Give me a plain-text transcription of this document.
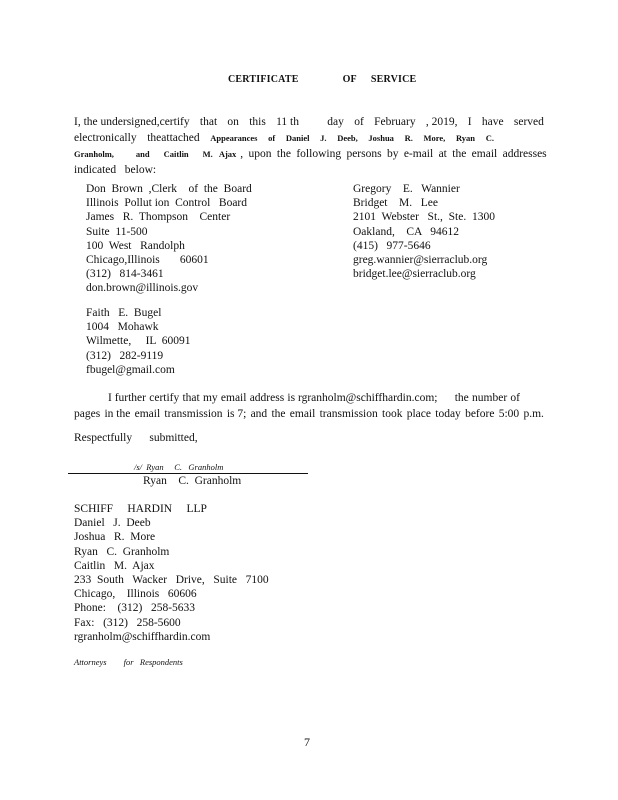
CERTIFICATE	OF SERVICE
I, the undersigned,certify that on this 11 th day of February , 2019, I have served
electronically theattached Appearances of Daniel J. Deeb, Joshua R. More, Ryan C.
Granholm,	and Caitlin M. Ajax , upon the following persons by e-mail at the email addresses
indicated   below:
Don  Brown  ,Clerk    of  the  Board
Illinois  Pollut ion  Control   Board
James   R.  Thompson    Center
Suite  11-500
100  West   Randolph
Chicago,Illinois       60601
(312)   814-3461
don.brown@illinois.gov
Gregory    E.   Wannier
Bridget    M.   Lee
2101  Webster   St.,  Ste.  1300
Oakland,    CA   94612
(415)   977-5646
greg.wannier@sierraclub.org
bridget.lee@sierraclub.org
Faith   E.  Bugel
1004   Mohawk
Wilmette,     IL  60091
(312)   282-9119
fbugel@gmail.com
I further certify that my email address is rgranholm@schiffhardin.com; the number of
pages in the email transmission is 7; and the email transmission took place today before 5:00 p.m.
Respectfully      submitted,
/s/  Ryan     C.   Granholm
Ryan    C.  Granholm
SCHIFF     HARDIN     LLP
Daniel   J.  Deeb
Joshua   R.  More
Ryan   C.  Granholm
Caitlin   M.  Ajax
233  South   Wacker   Drive,   Suite   7100
Chicago,    Illinois   60606
Phone:    (312)   258-5633
Fax:   (312)   258-5600
rgranholm@schiffhardin.com
Attorneys        for   Respondents
7
